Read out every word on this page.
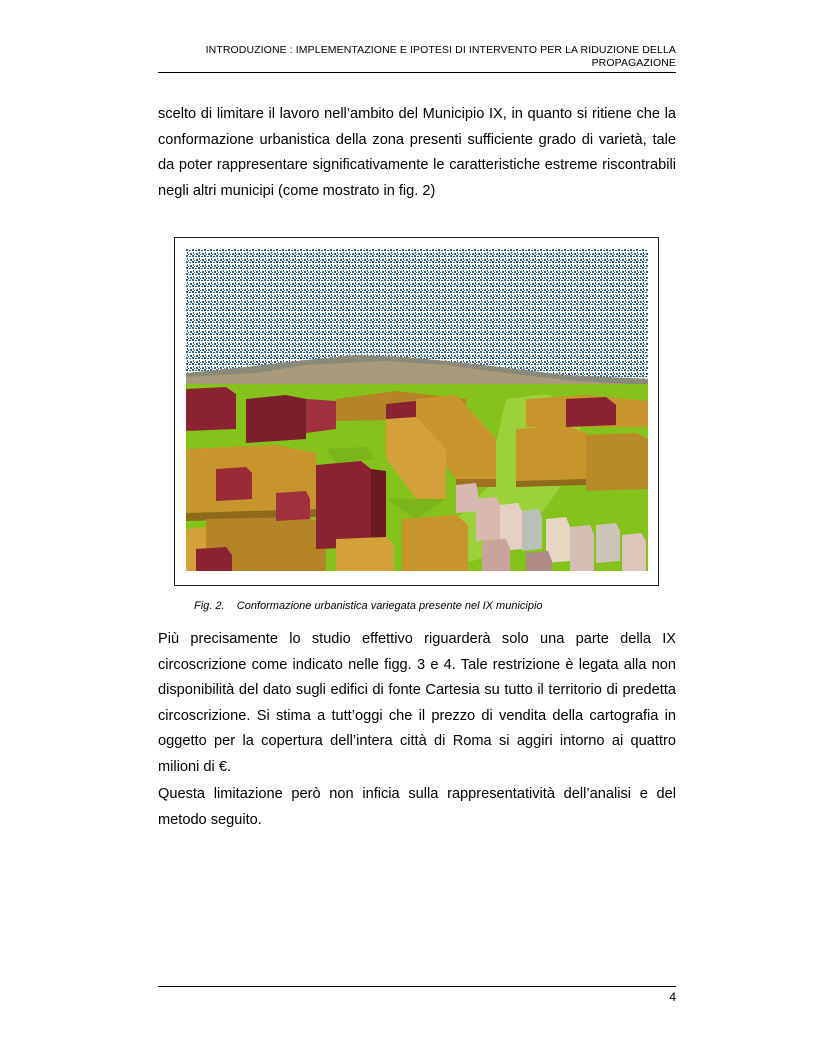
INTRODUZIONE : IMPLEMENTAZIONE E IPOTESI DI INTERVENTO PER LA RIDUZIONE DELLA
PROPAGAZIONE

scelto di limitare il lavoro nell’ambito del Municipio IX, in quanto si ritiene che la conformazione urbanistica della zona presenti sufficiente grado di varietà, tale da poter rappresentare significativamente le caratteristiche estreme riscontrabili negli altri municipi (come mostrato in fig. 2)

Fig. 2.    Conformazione urbanistica variegata presente nel IX municipio

Più precisamente lo studio effettivo riguarderà solo una parte della IX circoscrizione come indicato nelle figg. 3 e 4. Tale restrizione è legata alla non disponibilità del dato sugli edifici di fonte Cartesia su tutto il territorio di predetta circoscrizione. Si stima a tutt’oggi che il prezzo di vendita della cartografia in oggetto per la copertura dell’intera città di Roma si aggiri intorno ai quattro milioni di €.

Questa limitazione però non inficia sulla rappresentatività dell’analisi e del metodo seguito.

4
